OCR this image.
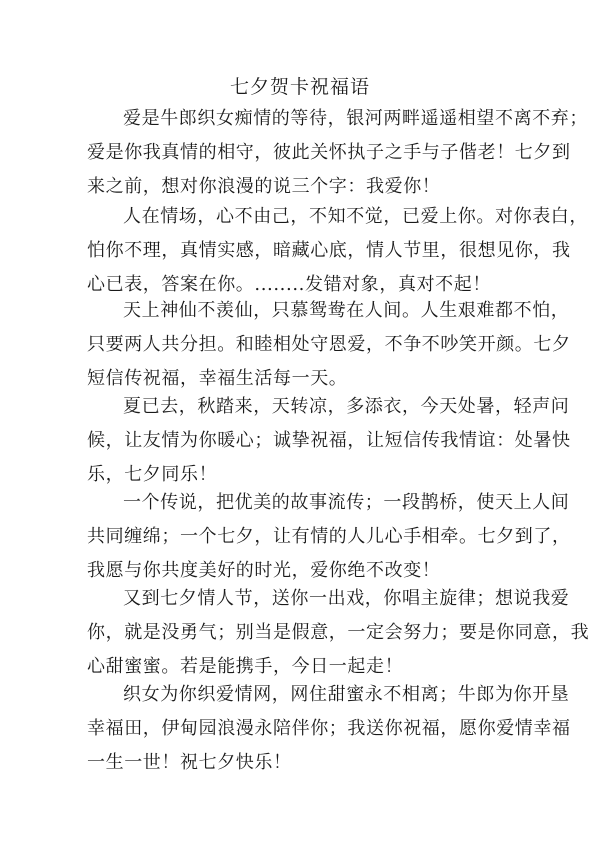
七夕贺卡祝福语
爱是牛郎织女痴情的等待，银河两畔遥遥相望不离不弃；
爱是你我真情的相守，彼此关怀执子之手与子偕老！七夕到
来之前，想对你浪漫的说三个字：我爱你！
人在情场，心不由己，不知不觉，已爱上你。对你表白，
怕你不理，真情实感，暗藏心底，情人节里，很想见你，我
心已表，答案在你。........发错对象，真对不起！
天上神仙不羡仙，只慕鸳鸯在人间。人生艰难都不怕，
只要两人共分担。和睦相处守恩爱，不争不吵笑开颜。七夕
短信传祝福，幸福生活每一天。
夏已去，秋踏来，天转凉，多添衣，今天处暑，轻声问
候，让友情为你暖心；诚挚祝福，让短信传我情谊：处暑快
乐，七夕同乐！
一个传说，把优美的故事流传；一段鹊桥，使天上人间
共同缠绵；一个七夕，让有情的人儿心手相牵。七夕到了，
我愿与你共度美好的时光，爱你绝不改变！
又到七夕情人节，送你一出戏，你唱主旋律；想说我爱
你，就是没勇气；别当是假意，一定会努力；要是你同意，我
心甜蜜蜜。若是能携手，今日一起走！
织女为你织爱情网，网住甜蜜永不相离；牛郎为你开垦
幸福田，伊甸园浪漫永陪伴你；我送你祝福，愿你爱情幸福
一生一世！祝七夕快乐！
